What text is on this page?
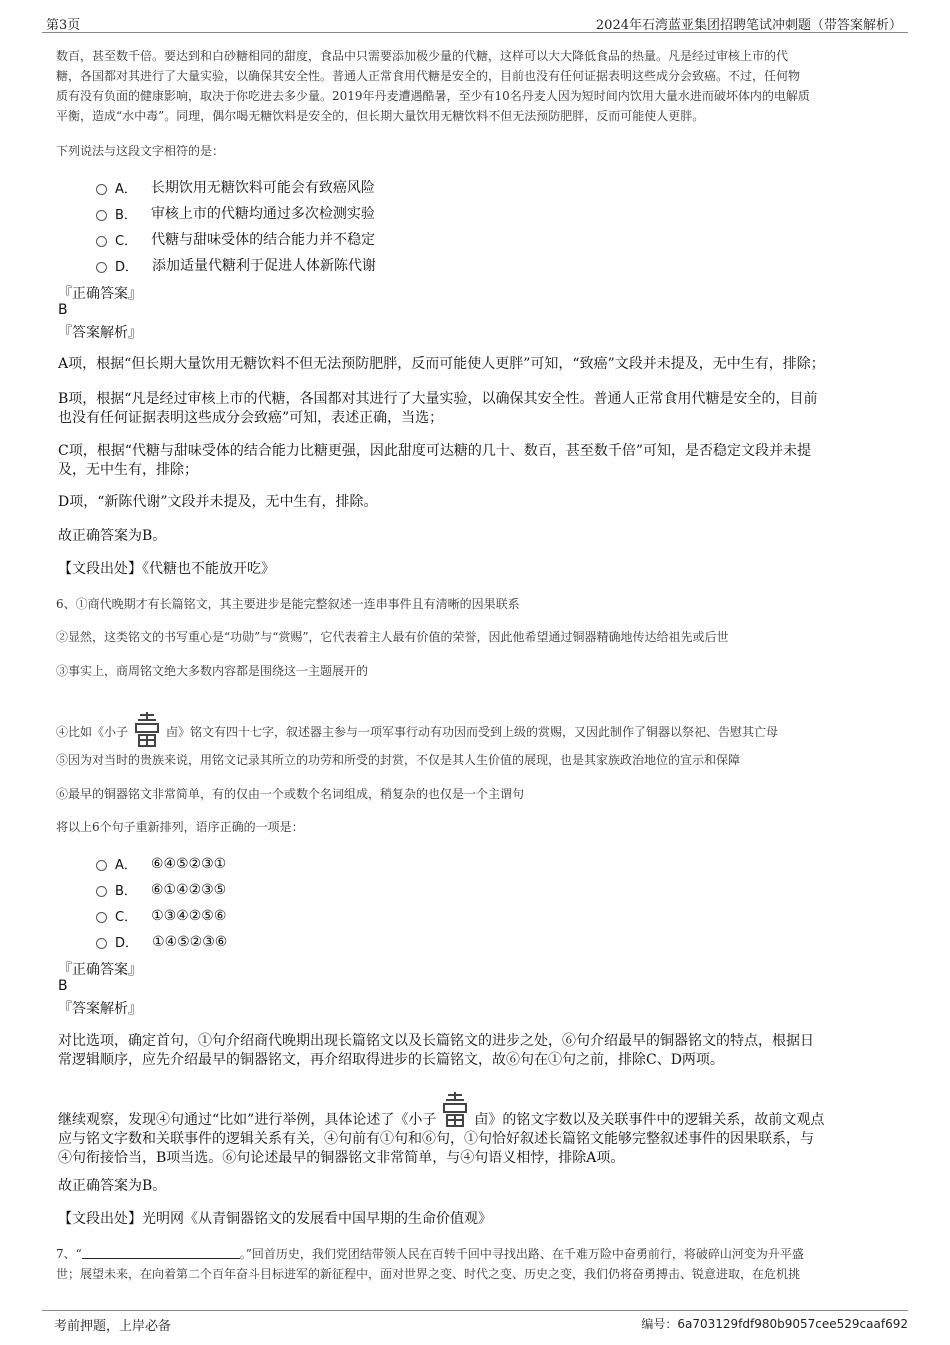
第3页	2024年石湾蓝亚集团招聘笔试冲刺题（带答案解析）
数百，甚至数千倍。要达到和白砂糖相同的甜度，食品中只需要添加极少量的代糖，这样可以大大降低食品的热量。凡是经过审核上市的代
糖，各国都对其进行了大量实验，以确保其安全性。普通人正常食用代糖是安全的，目前也没有任何证据表明这些成分会致癌。不过，任何物
质有没有负面的健康影响，取决于你吃进去多少量。2019年丹麦遭遇酷暑，至少有10名丹麦人因为短时间内饮用大量水进而破坏体内的电解质
平衡，造成“水中毒”。同理，偶尔喝无糖饮料是安全的，但长期大量饮用无糖饮料不但无法预防肥胖，反而可能使人更胖。
下列说法与这段文字相符的是：
A． 长期饮用无糖饮料可能会有致癌风险
B． 审核上市的代糖均通过多次检测实验
C． 代糖与甜味受体的结合能力并不稳定
D． 添加适量代糖利于促进人体新陈代谢
『正确答案』
B
『答案解析』
A项，根据“但长期大量饮用无糖饮料不但无法预防肥胖，反而可能使人更胖”可知，“致癌”文段并未提及，无中生有，排除；
B项，根据“凡是经过审核上市的代糖，各国都对其进行了大量实验，以确保其安全性。普通人正常食用代糖是安全的，目前
也没有任何证据表明这些成分会致癌”可知，表述正确，当选；
C项，根据“代糖与甜味受体的结合能力比糖更强，因此甜度可达糖的几十、数百，甚至数千倍”可知，是否稳定文段并未提
及，无中生有，排除；
D项，“新陈代谢”文段并未提及，无中生有，排除。
故正确答案为B。
【文段出处】《代糖也不能放开吃》
6、①商代晚期才有长篇铭文，其主要进步是能完整叙述一连串事件且有清晰的因果联系
②显然，这类铭文的书写重心是“功勋”与“赏赐”，它代表着主人最有价值的荣誉，因此他希望通过铜器精确地传达给祖先或后世
③事实上，商周铭文绝大多数内容都是围绕这一主题展开的
④比如《小子	卣》铭文有四十七字，叙述器主参与一项军事行动有功因而受到上级的赏赐，又因此制作了铜器以祭祀、告慰其亡母
⑤因为对当时的贵族来说，用铭文记录其所立的功劳和所受的封赏，不仅是其人生价值的展现，也是其家族政治地位的宣示和保障
⑥最早的铜器铭文非常简单，有的仅由一个或数个名词组成，稍复杂的也仅是一个主谓句
将以上6个句子重新排列，语序正确的一项是：
A． ⑥④⑤②③①
B． ⑥①④②③⑤
C． ①③④②⑤⑥
D． ①④⑤②③⑥
『正确答案』
B
『答案解析』
对比选项，确定首句，①句介绍商代晚期出现长篇铭文以及长篇铭文的进步之处，⑥句介绍最早的铜器铭文的特点，根据日
常逻辑顺序，应先介绍最早的铜器铭文，再介绍取得进步的长篇铭文，故⑥句在①句之前，排除C、D两项。
继续观察，发现④句通过“比如”进行举例，具体论述了《小子	卣》的铭文字数以及关联事件中的逻辑关系，故前文观点
应与铭文字数和关联事件的逻辑关系有关，④句前有①句和⑥句，①句恰好叙述长篇铭文能够完整叙述事件的因果联系，与
④句衔接恰当，B项当选。⑥句论述最早的铜器铭文非常简单，与④句语义相悖，排除A项。
故正确答案为B。
【文段出处】光明网《从青铜器铭文的发展看中国早期的生命价值观》
7、“	。”回首历史，我们党团结带领人民在百转千回中寻找出路、在千难万险中奋勇前行，将破碎山河变为升平盛
世；展望未来，在向着第二个百年奋斗目标进军的新征程中，面对世界之变、时代之变、历史之变，我们仍将奋勇搏击、锐意进取，在危机挑
考前押题，上岸必备	编号：6a703129fdf980b9057cee529caaf692
